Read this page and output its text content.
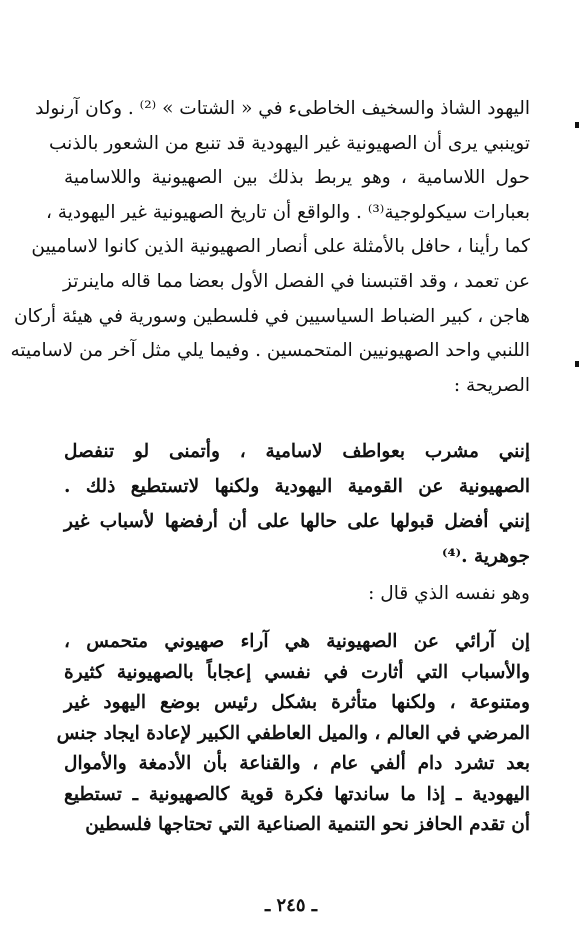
اليهود الشاذ والسخيف الخاطىء في « الشتات » ⁽²⁾ . وكان آرنولد
توينبي يرى أن الصهيونية غير اليهودية قد تنبع من الشعور بالذنب
حول اللاسامية ، وهو يربط بذلك بين الصهيونية واللاسامية
بعبارات سيكولوجية⁽³⁾ . والواقع أن تاريخ الصهيونية غير اليهودية ،
كما رأينا ، حافل بالأمثلة على أنصار الصهيونية الذين كانوا لاساميين
عن تعمد ، وقد اقتبسنا في الفصل الأول بعضا مما قاله ماينرتز
هاجن ، كبير الضباط السياسيين في فلسطين وسورية في هيئة أركان
اللنبي واحد الصهيونيين المتحمسين . وفيما يلي مثل آخر من لاساميته
الصريحة :
إنني مشرب بعواطف لاسامية ، وأتمنى لو تنفصل
الصهيونية عن القومية اليهودية ولكنها لاتستطيع ذلك .
إنني أفضل قبولها على حالها على أن أرفضها لأسباب غير
جوهرية .⁽⁴⁾
وهو نفسه الذي قال :
إن آرائي عن الصهيونية هي آراء صهيوني متحمس ،
والأسباب التي أثارت في نفسي إعجاباً بالصهيونية كثيرة
ومتنوعة ، ولكنها متأثرة بشكل رئيس بوضع اليهود غير
المرضي في العالم ، والميل العاطفي الكبير لإعادة ايجاد جنس
بعد تشرد دام ألفي عام ، والقناعة بأن الأدمغة والأموال
اليهودية ـ إذا ما ساندتها فكرة قوية كالصهيونية ـ تستطيع
أن تقدم الحافز نحو التنمية الصناعية التي تحتاجها فلسطين
ـ ٢٤٥ ـ
